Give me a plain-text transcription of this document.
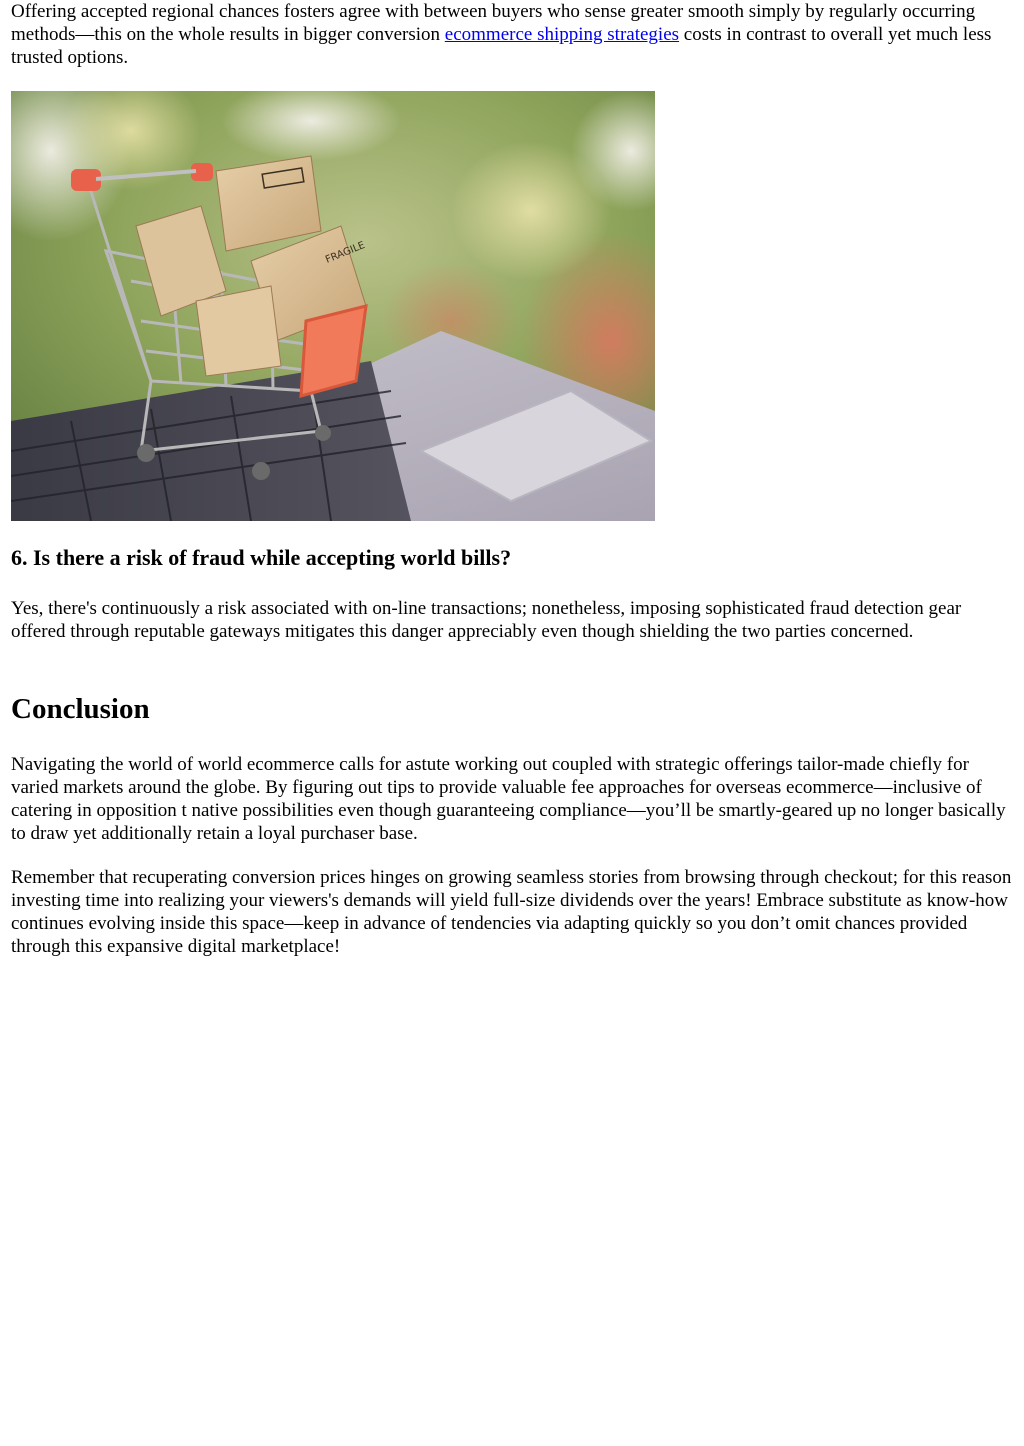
Offering accepted regional chances fosters agree with between buyers who sense greater smooth simply by regularly occurring methods—this on the whole results in bigger conversion ecommerce shipping strategies costs in contrast to overall yet much less trusted options.

FRAGILE
6. Is there a risk of fraud while accepting world bills?

Yes, there's continuously a risk associated with on-line transactions; nonetheless, imposing sophisticated fraud detection gear offered through reputable gateways mitigates this danger appreciably even though shielding the two parties concerned.

Conclusion

Navigating the world of world ecommerce calls for astute working out coupled with strategic offerings tailor-made chiefly for varied markets around the globe. By figuring out tips to provide valuable fee approaches for overseas ecommerce—inclusive of catering in opposition t native possibilities even though guaranteeing compliance—you’ll be smartly-geared up no longer basically to draw yet additionally retain a loyal purchaser base.

Remember that recuperating conversion prices hinges on growing seamless stories from browsing through checkout; for this reason investing time into realizing your viewers's demands will yield full-size dividends over the years! Embrace substitute as know-how continues evolving inside this space—keep in advance of tendencies via adapting quickly so you don’t omit chances provided through this expansive digital marketplace!
